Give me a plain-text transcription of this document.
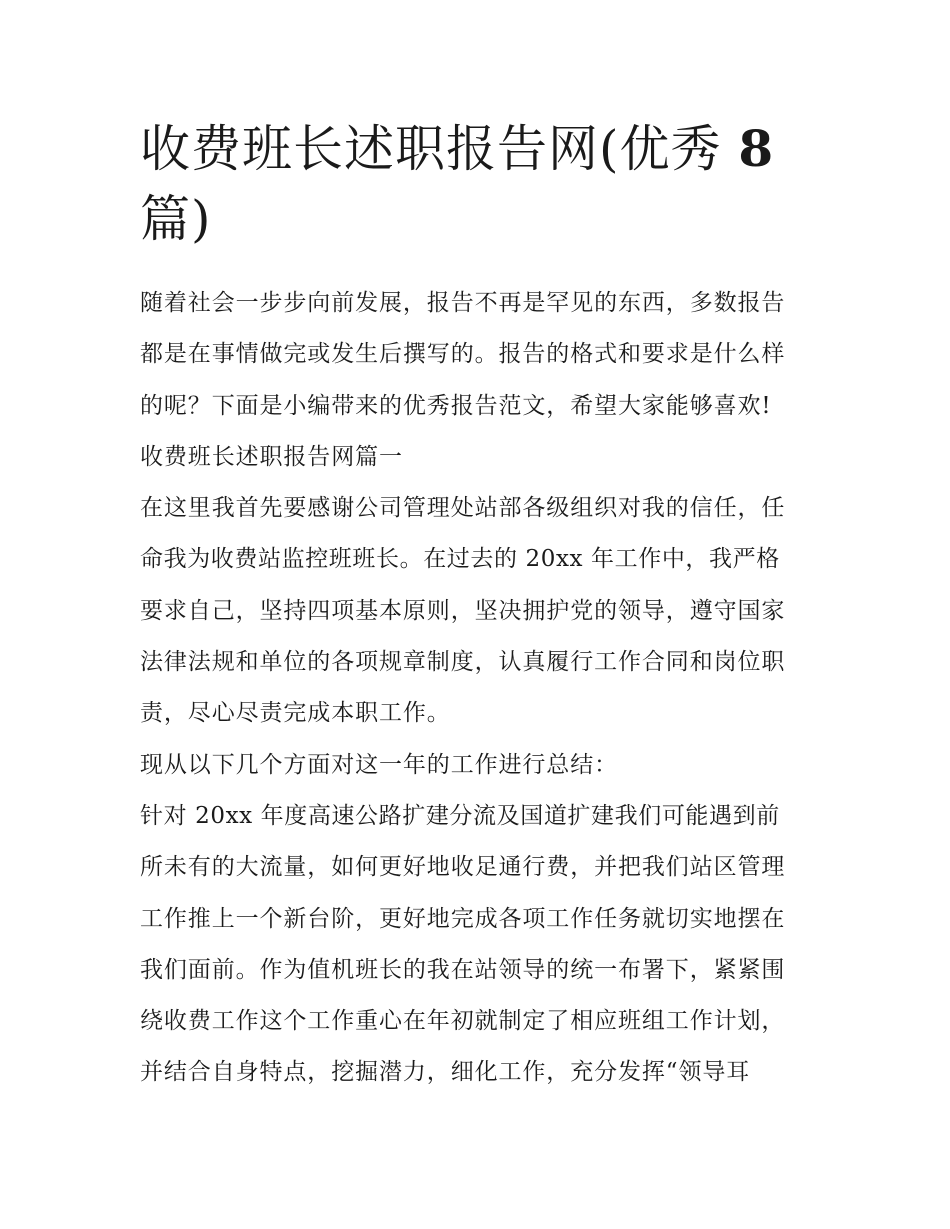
收费班长述职报告网(优秀 8
篇)
随着社会一步步向前发展，报告不再是罕见的东西，多数报告
都是在事情做完或发生后撰写的。报告的格式和要求是什么样
的呢？下面是小编带来的优秀报告范文，希望大家能够喜欢!
收费班长述职报告网篇一
在这里我首先要感谢公司管理处站部各级组织对我的信任，任
命我为收费站监控班班长。在过去的 20xx 年工作中，我严格
要求自己，坚持四项基本原则，坚决拥护党的领导，遵守国家
法律法规和单位的各项规章制度，认真履行工作合同和岗位职
责，尽心尽责完成本职工作。
现从以下几个方面对这一年的工作进行总结：
针对 20xx 年度高速公路扩建分流及国道扩建我们可能遇到前
所未有的大流量，如何更好地收足通行费，并把我们站区管理
工作推上一个新台阶，更好地完成各项工作任务就切实地摆在
我们面前。作为值机班长的我在站领导的统一布署下，紧紧围
绕收费工作这个工作重心在年初就制定了相应班组工作计划，
并结合自身特点，挖掘潜力，细化工作，充分发挥“领导耳
